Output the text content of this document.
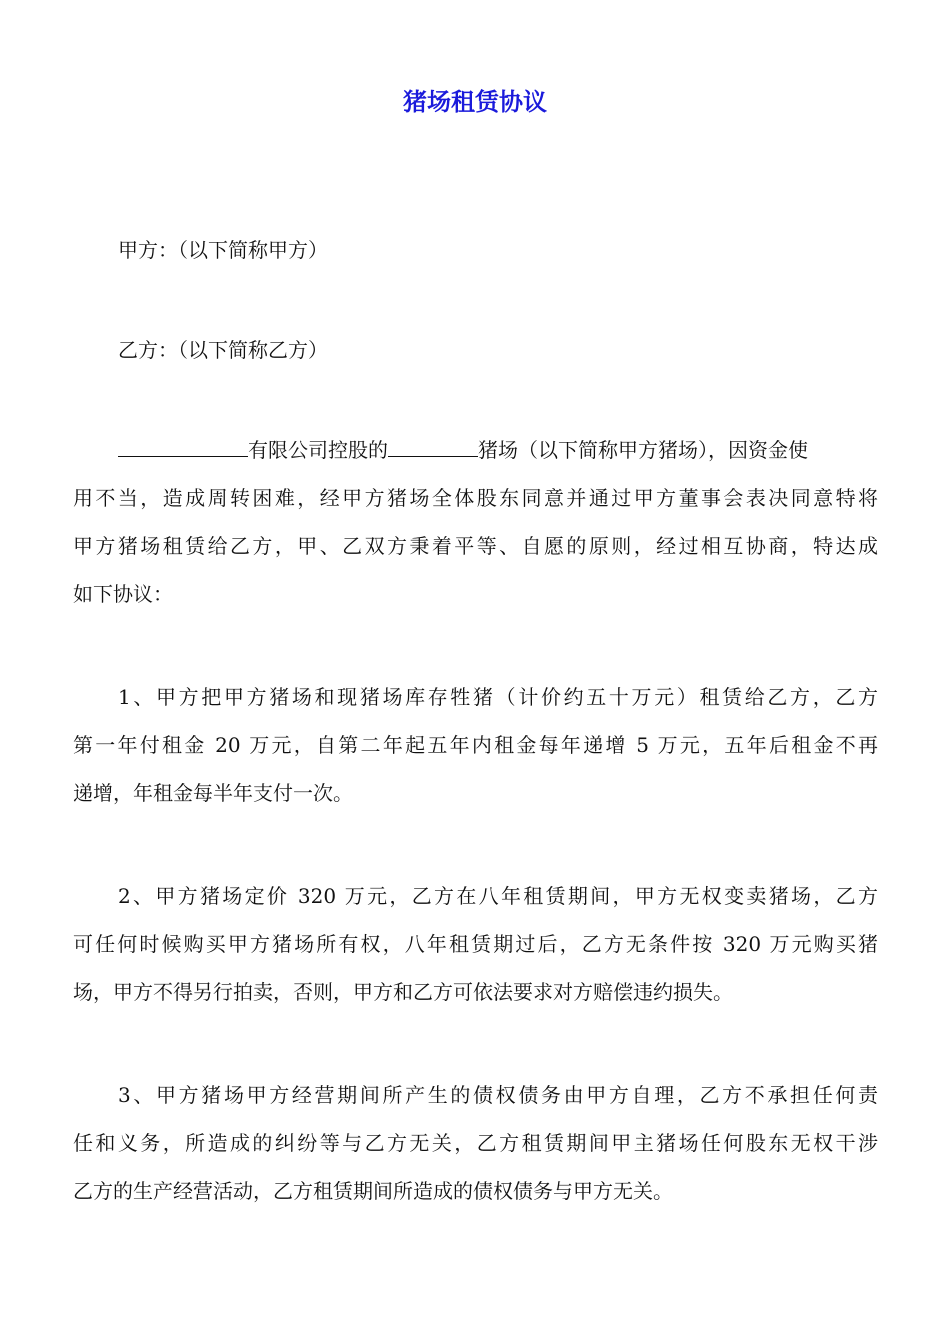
猪场租赁协议
甲方：（以下简称甲方）
乙方：（以下简称乙方）
有限公司控股的	猪场（以下简称甲方猪场），因资金使
用不当，造成周转困难，经甲方猪场全体股东同意并通过甲方董事会表决同意特将
甲方猪场租赁给乙方，甲、乙双方秉着平等、自愿的原则，经过相互协商，特达成
如下协议：
1、甲方把甲方猪场和现猪场库存牲猪（计价约五十万元）租赁给乙方，乙方
第一年付租金 20 万元，自第二年起五年内租金每年递增 5 万元，五年后租金不再
递增，年租金每半年支付一次。
2、甲方猪场定价 320 万元，乙方在八年租赁期间，甲方无权变卖猪场，乙方
可任何时候购买甲方猪场所有权，八年租赁期过后，乙方无条件按 320 万元购买猪
场，甲方不得另行拍卖，否则，甲方和乙方可依法要求对方赔偿违约损失。
3、甲方猪场甲方经营期间所产生的债权债务由甲方自理，乙方不承担任何责
任和义务，所造成的纠纷等与乙方无关，乙方租赁期间甲主猪场任何股东无权干涉
乙方的生产经营活动，乙方租赁期间所造成的债权债务与甲方无关。
